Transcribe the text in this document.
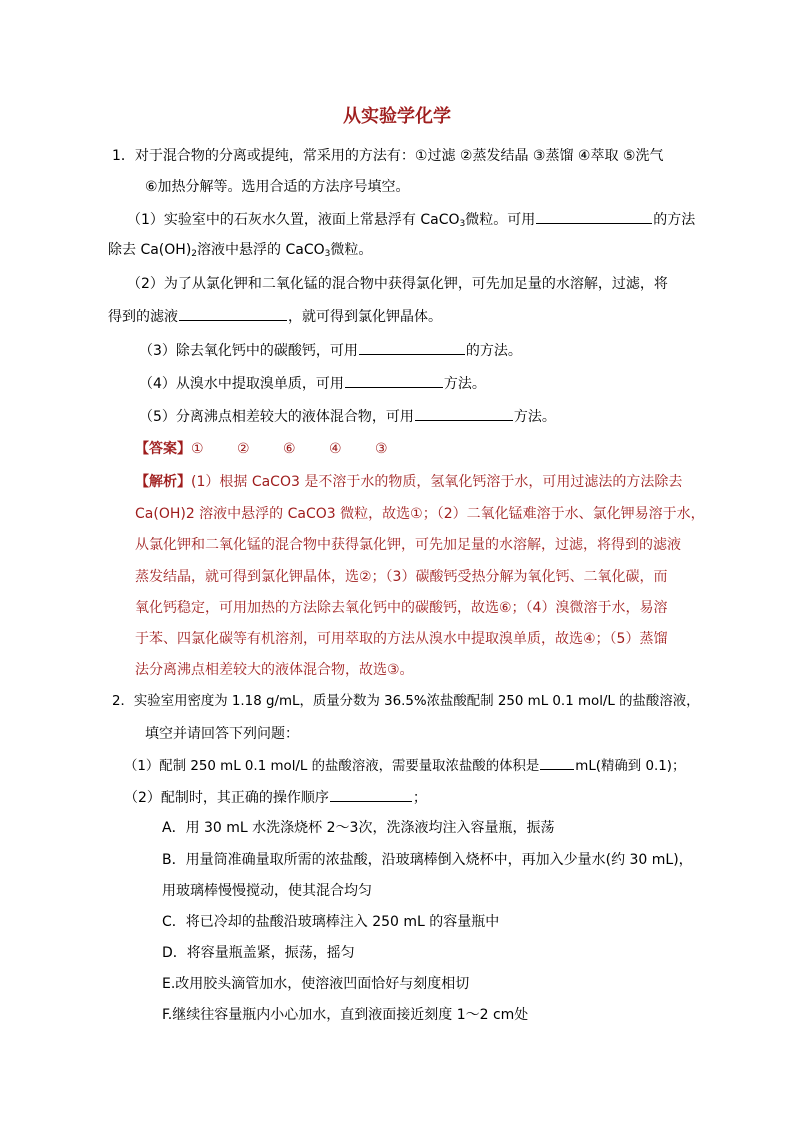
从实验学化学
1．对于混合物的分离或提纯，常采用的方法有：①过滤 ②蒸发结晶 ③蒸馏 ④萃取 ⑤洗气
⑥加热分解等。选用合适的方法序号填空。
（1）实验室中的石灰水久置，液面上常悬浮有 CaCO$_3$微粒。可用	的方法
除去 $Ca(OH)_2$溶液中悬浮的 CaCO$_3$微粒。
（2）为了从氯化钾和二氧化锰的混合物中获得氯化钾，可先加足量的水溶解，过滤，将
得到的滤液	，就可得到氯化钾晶体。
（3）除去氧化钙中的碳酸钙，可用	的方法。
（4）从溴水中提取溴单质，可用	方法。
（5）分离沸点相差较大的液体混合物，可用	方法。
【答案】① ② ⑥ ④ ③
【解析】(1）根据 CaCO3 是不溶于水的物质，氢氧化钙溶于水，可用过滤法的方法除去
Ca(OH)2 溶液中悬浮的 CaCO3 微粒，故选①；（2）二氧化锰难溶于水、氯化钾易溶于水，
从氯化钾和二氧化锰的混合物中获得氯化钾，可先加足量的水溶解，过滤，将得到的滤液
蒸发结晶，就可得到氯化钾晶体，选②；（3）碳酸钙受热分解为氧化钙、二氧化碳，而
氧化钙稳定，可用加热的方法除去氧化钙中的碳酸钙，故选⑥；（4）溴微溶于水，易溶
于苯、四氯化碳等有机溶剂，可用萃取的方法从溴水中提取溴单质，故选④；（5）蒸馏
法分离沸点相差较大的液体混合物，故选③。
2．实验室用密度为 1.18 g/mL，质量分数为 36.5%浓盐酸配制 250 mL 0.1 mol/L 的盐酸溶液，
填空并请回答下列问题：
（1）配制 250 mL 0.1 mol/L 的盐酸溶液，需要量取浓盐酸的体积是	mL(精确到 0.1)；
（2）配制时，其正确的操作顺序	；
A．用 30 mL 水洗涤烧杯 2～3次，洗涤液均注入容量瓶，振荡
B．用量筒准确量取所需的浓盐酸，沿玻璃棒倒入烧杯中，再加入少量水(约 30 mL)，
用玻璃棒慢慢搅动，使其混合均匀
C．将已冷却的盐酸沿玻璃棒注入 250 mL 的容量瓶中
D．将容量瓶盖紧，振荡，摇匀
E.改用胶头滴管加水，使溶液凹面恰好与刻度相切
F.继续往容量瓶内小心加水，直到液面接近刻度 1～2 cm处
